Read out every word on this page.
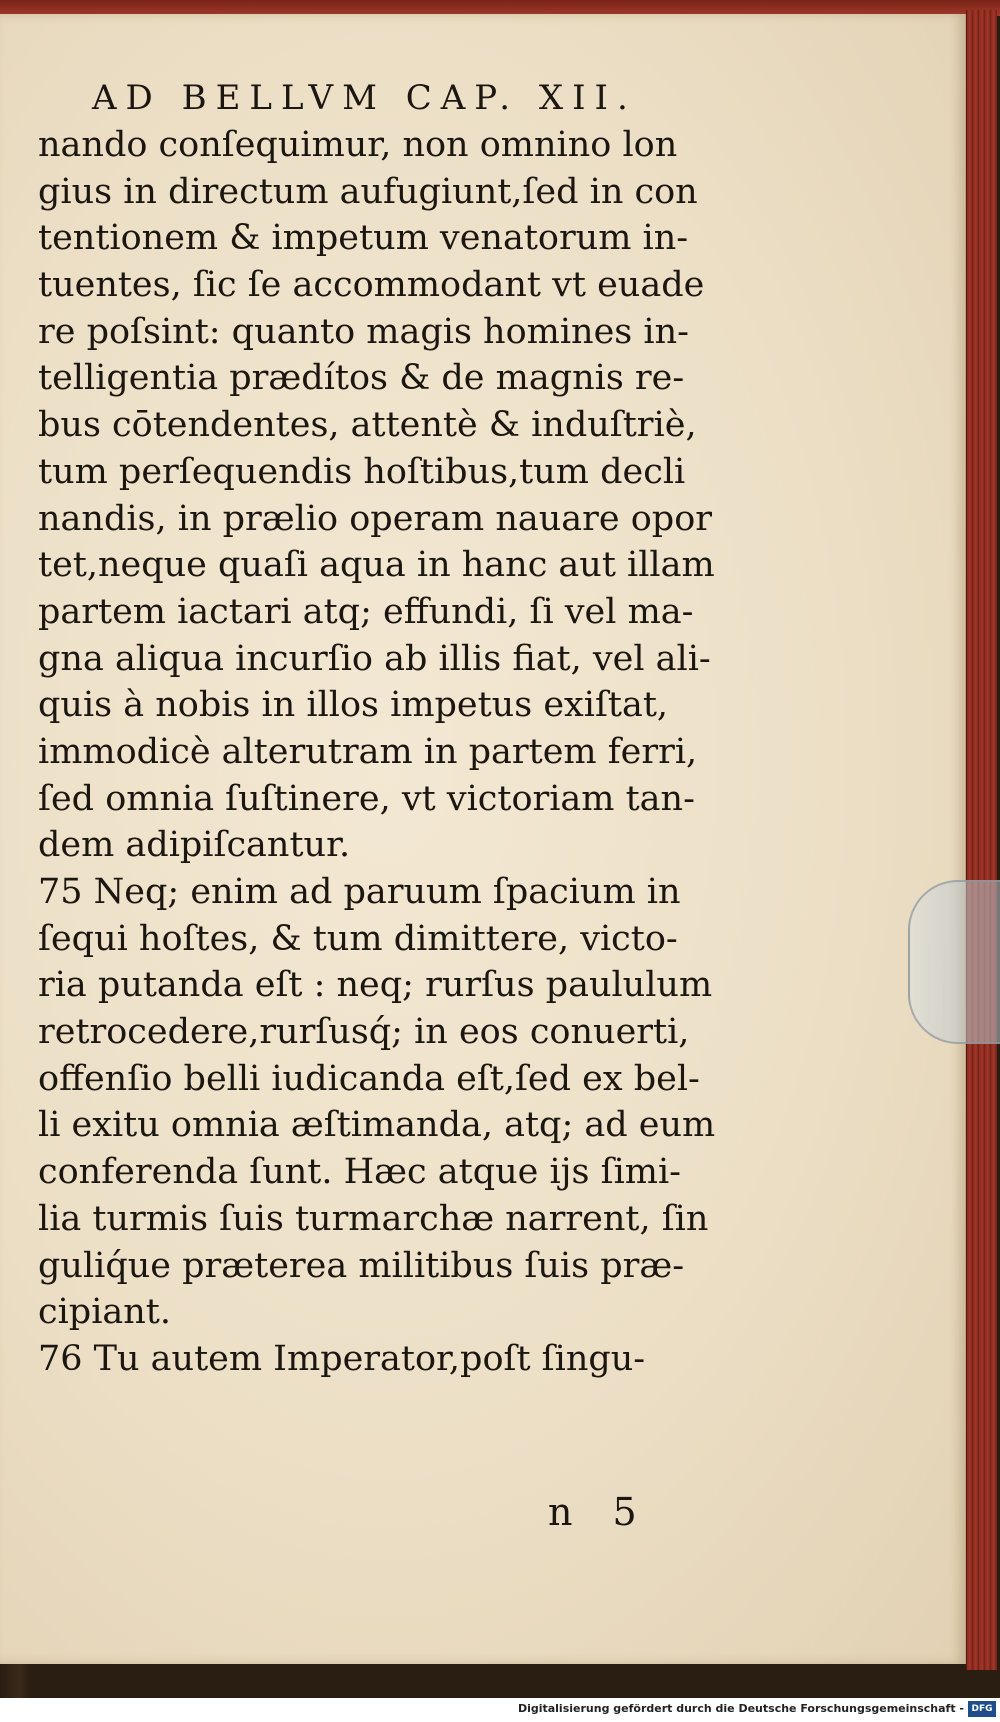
AD BELLVM CAP. XII.
nando conſequimur, non omnino lon
gius in directum aufugiunt,ſed in con
tentionem & impetum venatorum in-
tuentes, ſic ſe accommodant vt euade
re poſsint: quanto magis homines in-
telligentia prædítos & de magnis re-
bus cōtendentes, attentè & induſtriè,
tum perſequendis hoſtibus,tum decli
nandis, in prælio operam nauare opor
tet,neque quaſi aqua in hanc aut illam
partem iactari atq; effundi, ſi vel ma-
gna aliqua incurſio ab illis fiat, vel ali-
quis à nobis in illos impetus exiſtat,
immodicè alterutram in partem ferri,
ſed omnia ſuſtinere, vt victoriam tan-
dem adipiſcantur.
75 Neq; enim ad paruum ſpacium in
ſequi hoſtes, & tum dimittere, victo-
ria putanda eſt : neq; rurſus paululum
retrocedere,rurſusq́; in eos conuerti,
offenſio belli iudicanda eſt,ſed ex bel-
li exitu omnia æſtimanda, atq; ad eum
conferenda ſunt. Hæc atque ijs ſimi-
lia turmis ſuis turmarchæ narrent, ſin
guliq́ue præterea militibus ſuis præ-
cipiant.
76 Tu autem Imperator,poſt ſingu-
n 5
Digitalisierung gefördert durch die Deutsche Forschungsgemeinschaft - DFG
